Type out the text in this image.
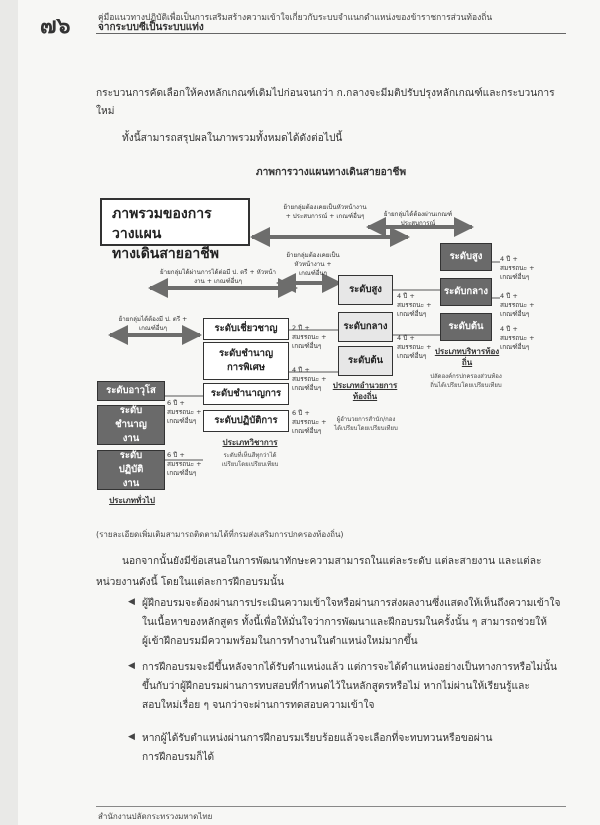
๗๖	คู่มือแนวทางปฏิบัติเพื่อเป็นการเสริมสร้างความเข้าใจเกี่ยวกับระบบจำแนกตำแหน่งของข้าราชการส่วนท้องถิ่น
จากระบบซีเป็นระบบแท่ง
กระบวนการคัดเลือกให้คงหลักเกณฑ์เดิมไปก่อนจนกว่า ก.กลางจะมีมติปรับปรุงหลักเกณฑ์และกระบวนการ
ใหม่
ทั้งนี้สามารถสรุปผลในภาพรวมทั้งหมดได้ดังต่อไปนี้
ภาพการวางแผนทางเดินสายอาชีพ
ภาพรวมของการวางแผน
ทางเดินสายอาชีพ
ย้ายกลุ่มต้องเคยเป็นหัวหน้างาน + ประสบการณ์ + เกณฑ์อื่นๆ	ย้ายกลุ่มได้ต้องผ่านเกณฑ์ประสบการณ์
ย้ายกลุ่มได้ผ่านการได้ต่อมี ป. ตรี + หัวหน้างาน + เกณฑ์อื่นๆ
ย้ายกลุ่มต้องเคยเป็นหัวหน้างาน + เกณฑ์อื่นๆ
ย้ายกลุ่มได้ต้องมี ป. ตรี + เกณฑ์อื่นๆ
ระดับอาวุโส
ระดับชำนาญงาน
ระดับปฏิบัติงาน
ประเภททั่วไป
6 ปี + สมรรถนะ + เกณฑ์อื่นๆ
6 ปี + สมรรถนะ + เกณฑ์อื่นๆ
ระดับเชี่ยวชาญ
ระดับชำนาญการพิเศษ
ระดับชำนาญการ
ระดับปฏิบัติการ
ประเภทวิชาการ
ระดับที่เห็นสีทุกว่าได้เปรียบโดยเปรียบเทียบ
2 ปี + สมรรถนะ + เกณฑ์อื่นๆ
4 ปี + สมรรถนะ + เกณฑ์อื่นๆ
6 ปี + สมรรถนะ + เกณฑ์อื่นๆ
ระดับสูง
ระดับกลาง
ระดับต้น
ประเภทอำนวยการท้องถิ่น
ผู้อำนวยการสำนัก/กองได้เปรียบโดยเปรียบเทียบ
4 ปี + สมรรถนะ + เกณฑ์อื่นๆ
4 ปี + สมรรถนะ + เกณฑ์อื่นๆ
ระดับสูง
ระดับกลาง
ระดับต้น
ประเภทบริหารท้องถิ่น
ปลัดองค์กรปกครองส่วนท้องถิ่นได้เปรียบโดยเปรียบเทียบ
4 ปี + สมรรถนะ + เกณฑ์อื่นๆ
4 ปี + สมรรถนะ + เกณฑ์อื่นๆ
4 ปี + สมรรถนะ + เกณฑ์อื่นๆ
(รายละเอียดเพิ่มเติมสามารถติดตามได้ที่กรมส่งเสริมการปกครองท้องถิ่น)
นอกจากนั้นยังมีข้อเสนอในการพัฒนาทักษะความสามารถในแต่ละระดับ แต่ละสายงาน และแต่ละ
หน่วยงานดังนี้ โดยในแต่ละการฝึกอบรมนั้น
◀ ผู้ฝึกอบรมจะต้องผ่านการประเมินความเข้าใจหรือผ่านการส่งผลงานซึ่งแสดงให้เห็นถึงความเข้าใจ
ในเนื้อหาของหลักสูตร ทั้งนี้เพื่อให้มั่นใจว่าการพัฒนาและฝึกอบรมในครั้งนั้น ๆ สามารถช่วยให้
ผู้เข้าฝึกอบรมมีความพร้อมในการทำงานในตำแหน่งใหม่มากขึ้น
◀ การฝึกอบรมจะมีขึ้นหลังจากได้รับตำแหน่งแล้ว แต่การจะได้ตำแหน่งอย่างเป็นทางการหรือไม่นั้น
ขึ้นกับว่าผู้ฝึกอบรมผ่านการทบสอบที่กำหนดไว้ในหลักสูตรหรือไม่ หากไม่ผ่านให้เรียนรู้และ
สอบใหม่เรื่อย ๆ จนกว่าจะผ่านการทดสอบความเข้าใจ
◀ หากผู้ได้รับตำแหน่งผ่านการฝึกอบรมเรียบร้อยแล้วจะเลือกที่จะทบทวนหรือขอผ่าน
การฝึกอบรมก็ได้
สำนักงานปลัดกระทรวงมหาดไทย
